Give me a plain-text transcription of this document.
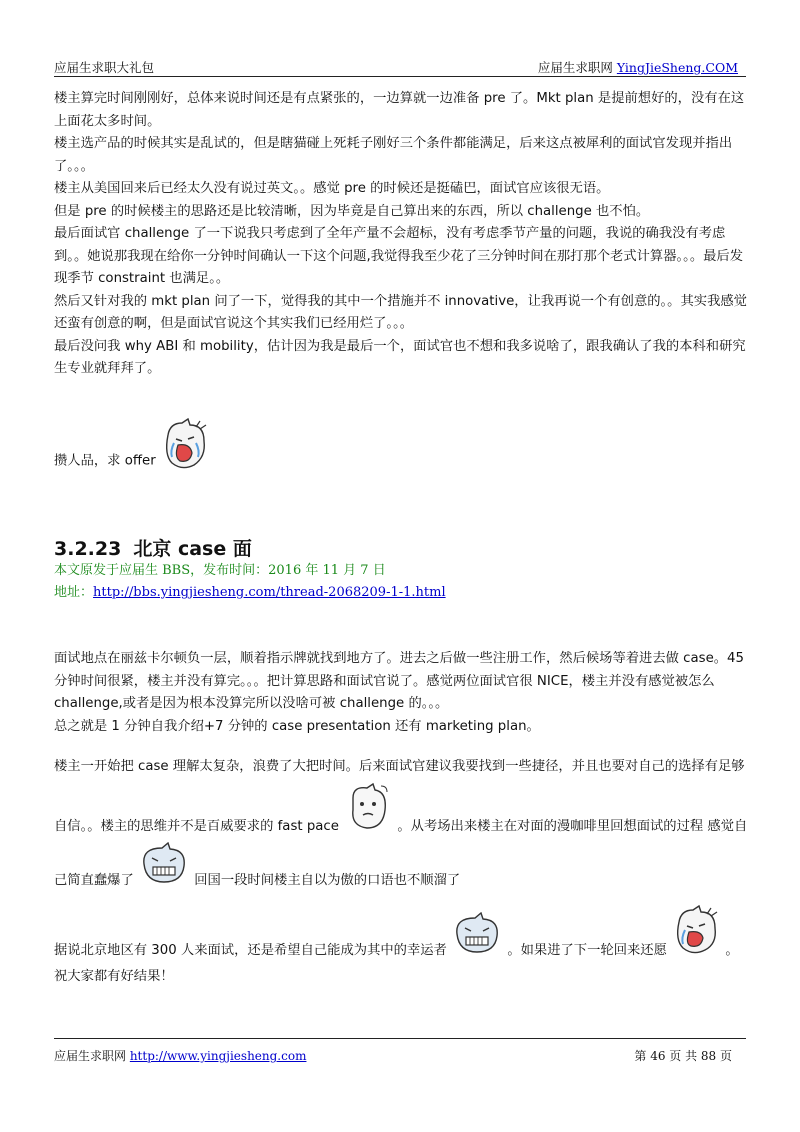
应届生求职大礼包	应届生求职网 YingJieSheng.COM

楼主算完时间刚刚好，总体来说时间还是有点紧张的，一边算就一边准备 pre 了。Mkt plan 是提前想好的，没有在这上面花太多时间。

楼主选产品的时候其实是乱试的，但是瞎猫碰上死耗子刚好三个条件都能满足，后来这点被犀利的面试官发现并指出了。。。

楼主从美国回来后已经太久没有说过英文。。感觉 pre 的时候还是挺磕巴，面试官应该很无语。

但是 pre 的时候楼主的思路还是比较清晰，因为毕竟是自己算出来的东西，所以 challenge 也不怕。

最后面试官 challenge 了一下说我只考虑到了全年产量不会超标，没有考虑季节产量的问题，我说的确我没有考虑到。。她说那我现在给你一分钟时间确认一下这个问题,我觉得我至少花了三分钟时间在那打那个老式计算器。。。最后发现季节 constraint 也满足。。

然后又针对我的 mkt plan 问了一下，觉得我的其中一个措施并不 innovative，让我再说一个有创意的。。其实我感觉还蛮有创意的啊，但是面试官说这个其实我们已经用烂了。。。

最后没问我 why ABI 和 mobility，估计因为我是最后一个，面试官也不想和我多说啥了，跟我确认了我的本科和研究生专业就拜拜了。

攒人品，求 offer

3.2.23 北京 case 面
本文原发于应届生 BBS，发布时间：2016 年 11 月 7 日
地址：http://bbs.yingjiesheng.com/thread-2068209-1-1.html

面试地点在丽兹卡尔顿负一层，顺着指示牌就找到地方了。进去之后做一些注册工作，然后候场等着进去做 case。45 分钟时间很紧，楼主并没有算完。。。把计算思路和面试官说了。感觉两位面试官很 NICE，楼主并没有感觉被怎么 challenge,或者是因为根本没算完所以没啥可被 challenge 的。。。

总之就是 1 分钟自我介绍+7 分钟的 case presentation 还有 marketing plan。

楼主一开始把 case 理解太复杂，浪费了大把时间。后来面试官建议我要找到一些捷径，并且也要对自己的选择有足够自信。。楼主的思维并不是百威要求的 fast pace	。从考场出来楼主在对面的漫咖啡里回想面试的过程 感觉自己简直蠢爆了	回国一段时间楼主自以为傲的口语也不顺溜了

据说北京地区有 300 人来面试，还是希望自己能成为其中的幸运者	。如果进了下一轮回来还愿	。

祝大家都有好结果！

应届生求职网 http://www.yingjiesheng.com	第 46 页 共 88 页
